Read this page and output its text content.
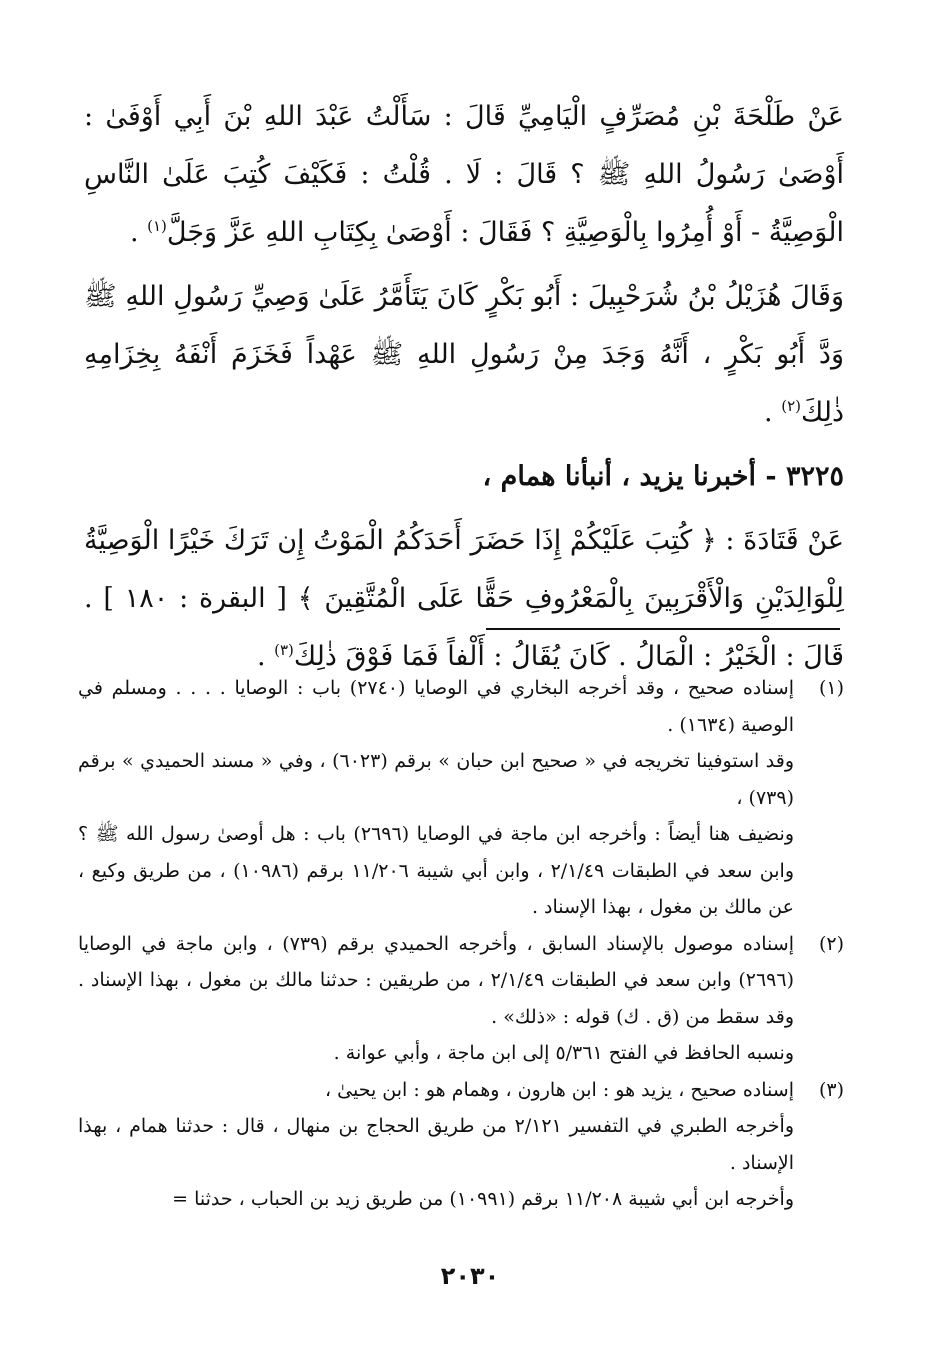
عَنْ طَلْحَةَ بْنِ مُصَرِّفٍ الْيَامِيِّ قَالَ : سَأَلْتُ عَبْدَ اللهِ بْنَ أَبِي أَوْفَىٰ : أَوْصَىٰ رَسُولُ اللهِ ﷺ ؟ قَالَ : لَا . قُلْتُ : فَكَيْفَ كُتِبَ عَلَىٰ النَّاسِ الْوَصِيَّةُ - أَوْ أُمِرُوا بِالْوَصِيَّةِ ؟ فَقَالَ : أَوْصَىٰ بِكِتَابِ اللهِ عَزَّ وَجَلَّ$^{(١)}$ .

وَقَالَ هُزَيْلُ بْنُ شُرَحْبِيلَ : أَبُو بَكْرٍ كَانَ يَتَأَمَّرُ عَلَىٰ وَصِيِّ رَسُولِ اللهِ ﷺ وَدَّ أَبُو بَكْرٍ ، أَنَّهُ وَجَدَ مِنْ رَسُولِ اللهِ ﷺ عَهْداً فَخَزَمَ أَنْفَهُ بِخِزَامِهِ ذٰلِكَ$^{(٢)}$ .

٣٢٢٥ - أخبرنا يزيد ، أنبأنا همام ،

عَنْ قَتَادَةَ : ﴿ كُتِبَ عَلَيْكُمْ إِذَا حَضَرَ أَحَدَكُمُ الْمَوْتُ إِن تَرَكَ خَيْرًا الْوَصِيَّةُ لِلْوَالِدَيْنِ وَالْأَقْرَبِينَ بِالْمَعْرُوفِ حَقًّا عَلَى الْمُتَّقِينَ ﴾ [ البقرة : ١٨٠ ] . قَالَ : الْخَيْرُ : الْمَالُ . كَانَ يُقَالُ : أَلْفاً فَمَا فَوْقَ ذٰلِكَ$^{(٣)}$ .

(١)

إسناده صحيح ، وقد أخرجه البخاري في الوصايا (٢٧٤٠) باب : الوصايا . . . . ومسلم في الوصية (١٦٣٤) .

وقد استوفينا تخريجه في « صحيح ابن حبان » برقم (٦٠٢٣) ، وفي « مسند الحميدي » برقم (٧٣٩) ،

ونضيف هنا أيضاً : وأخرجه ابن ماجة في الوصايا (٢٦٩٦) باب : هل أوصىٰ رسول الله ﷺ ؟ وابن سعد في الطبقات ٢/١/٤٩ ، وابن أبي شيبة ١١/٢٠٦ برقم (١٠٩٨٦) ، من طريق وكيع ، عن مالك بن مغول ، بهذا الإسناد .

(٢)

إسناده موصول بالإسناد السابق ، وأخرجه الحميدي برقم (٧٣٩) ، وابن ماجة في الوصايا (٢٦٩٦) وابن سعد في الطبقات ٢/١/٤٩ ، من طريقين : حدثنا مالك بن مغول ، بهذا الإسناد . وقد سقط من (ق . ك) قوله : «ذلك» .

ونسبه الحافظ في الفتح ٥/٣٦١ إلى ابن ماجة ، وأبي عوانة .

(٣)

إسناده صحيح ، يزيد هو : ابن هارون ، وهمام هو : ابن يحيىٰ ،

وأخرجه الطبري في التفسير ٢/١٢١ من طريق الحجاج بن منهال ، قال : حدثنا همام ، بهذا الإسناد .

وأخرجه ابن أبي شيبة ١١/٢٠٨ برقم (١٠٩٩١) من طريق زيد بن الحباب ، حدثنا =

٢٠٣٠
